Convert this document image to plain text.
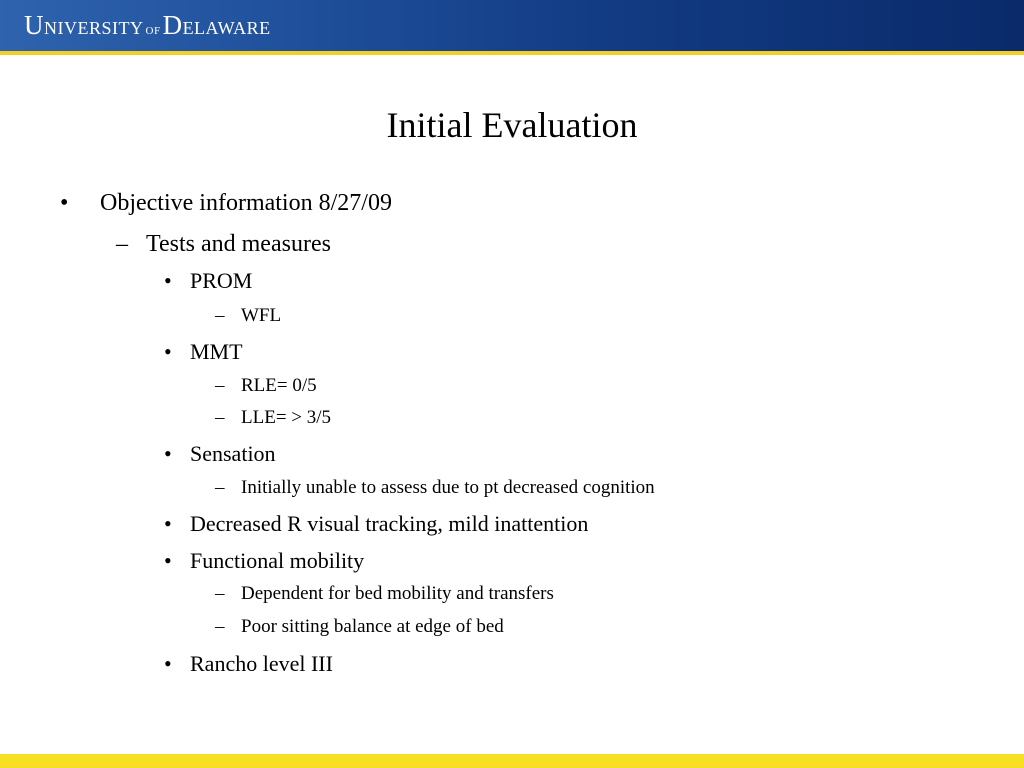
U NIVERSITY OF D ELAWARE
Initial Evaluation
•	Objective information 8/27/09
– Tests and measures
• PROM
– WFL
• MMT
– RLE= 0/5
– LLE= > 3/5
• Sensation
– Initially unable to assess due to pt decreased cognition
• Decreased R visual tracking, mild inattention
• Functional mobility
– Dependent for bed mobility and transfers
– Poor sitting balance at edge of bed
• Rancho level III
